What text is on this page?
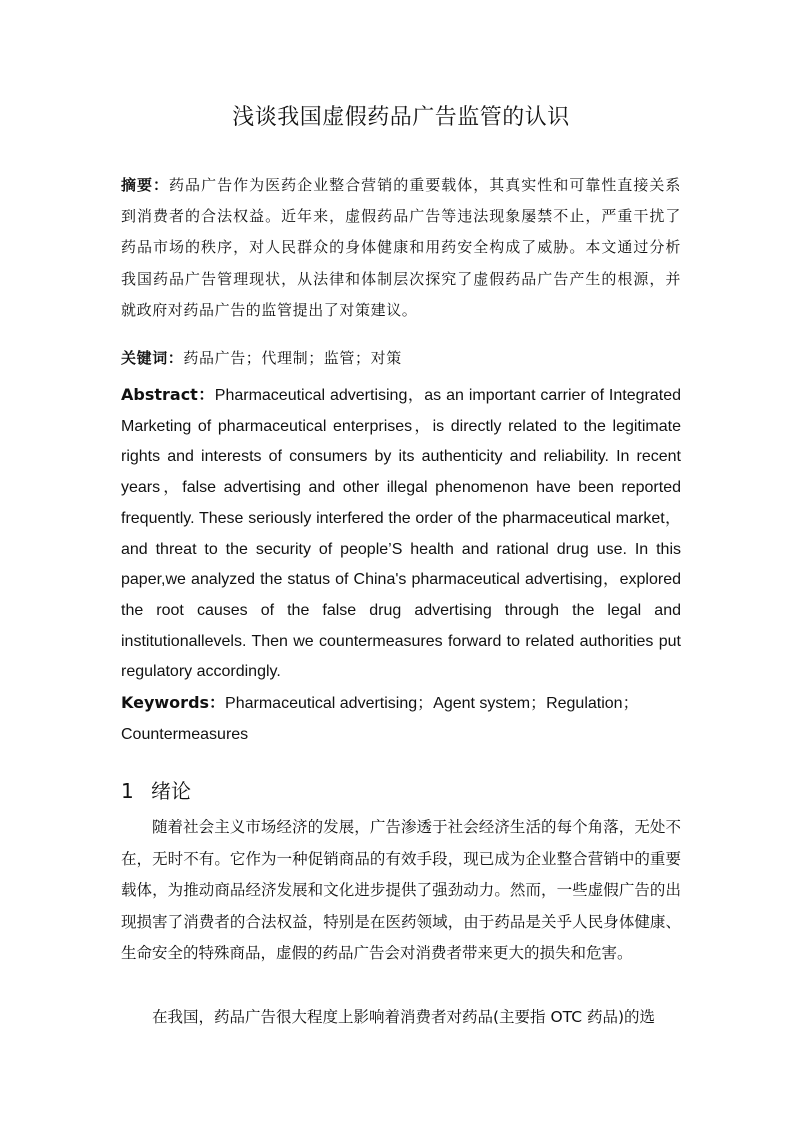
浅谈我国虚假药品广告监管的认识

摘要：药品广告作为医药企业整合营销的重要载体，其真实性和可靠性直接关系到消费者的合法权益。近年来，虚假药品广告等违法现象屡禁不止，严重干扰了药品市场的秩序，对人民群众的身体健康和用药安全构成了威胁。本文通过分析我国药品广告管理现状，从法律和体制层次探究了虚假药品广告产生的根源，并就政府对药品广告的监管提出了对策建议。

关键词：药品广告；代理制；监管；对策

Abstract：Pharmaceutical advertising，as an important carrier of Integrated Marketing of pharmaceutical enterprises，is directly related to the legitimate rights and interests of consumers by its authenticity and reliability. In recent years，false advertising and other illegal phenomenon have been reported frequently. These seriously interfered the order of the pharmaceutical market，and threat to the security of people’S health and rational drug use. In this paper,we analyzed the status of China's pharmaceutical advertising，explored the root causes of the false drug advertising through the legal and institutionallevels. Then we countermeasures forward to related authorities put regulatory accordingly.

Keywords：Pharmaceutical advertising；Agent system；Regulation；Countermeasures

1 绪论

随着社会主义市场经济的发展，广告渗透于社会经济生活的每个角落，无处不在，无时不有。它作为一种促销商品的有效手段，现已成为企业整合营销中的重要载体，为推动商品经济发展和文化进步提供了强劲动力。然而，一些虚假广告的出现损害了消费者的合法权益，特别是在医药领域，由于药品是关乎人民身体健康、生命安全的特殊商品，虚假的药品广告会对消费者带来更大的损失和危害。

在我国，药品广告很大程度上影响着消费者对药品(主要指 OTC 药品)的选
